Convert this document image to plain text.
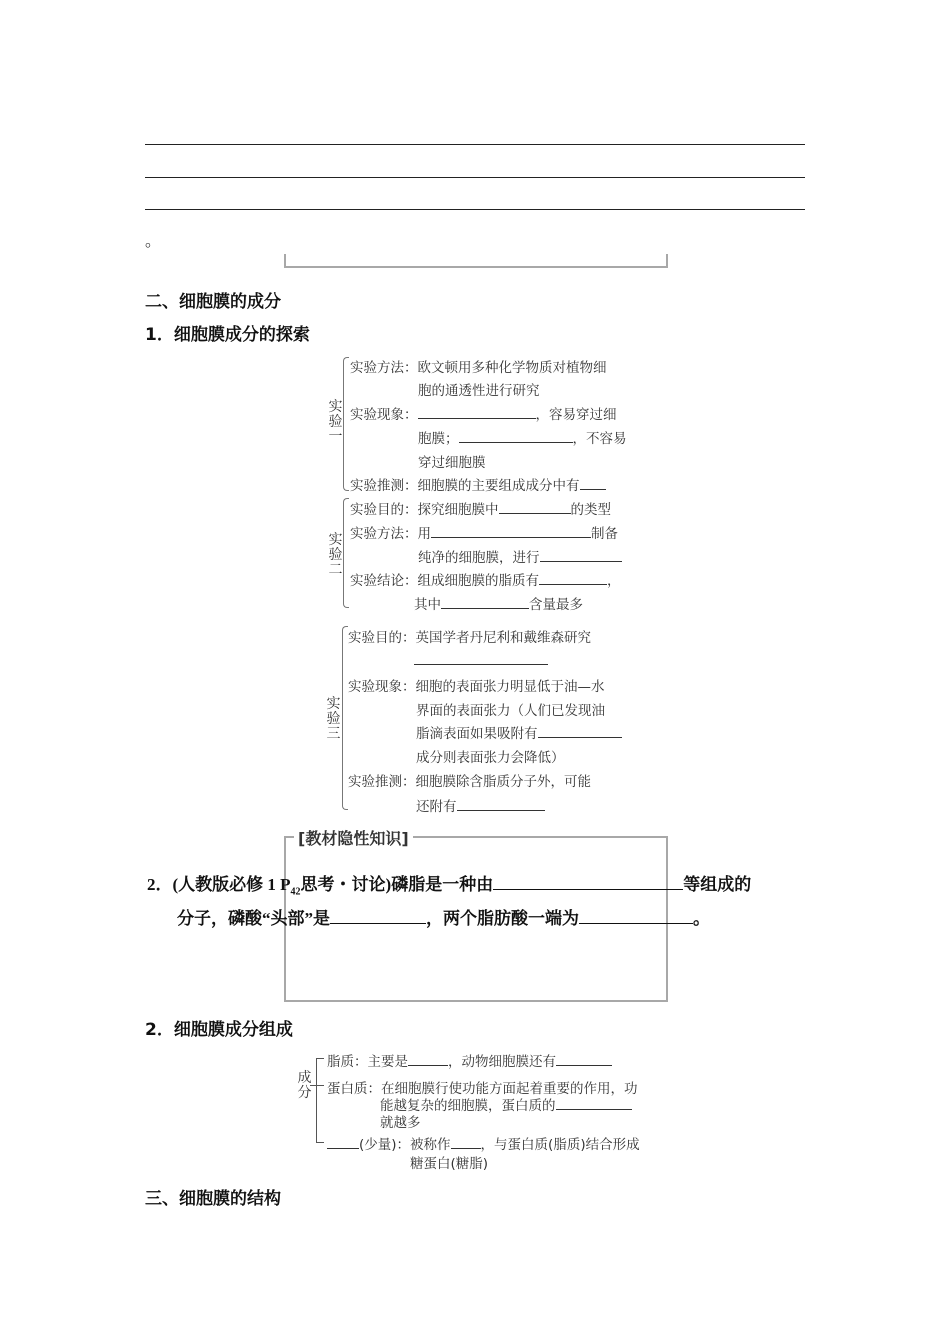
。
二、细胞膜的成分
1．细胞膜成分的探索
实
验
一
实验方法：欧文顿用多种化学物质对植物细
胞的通透性进行研究
实验现象：	，容易穿过细
胞膜；	，不容易
穿过细胞膜
实验推测：细胞膜的主要组成成分中有
实
验
二
实验目的：探究细胞膜中	的类型
实验方法：用	制备
纯净的细胞膜，进行
实验结论：组成细胞膜的脂质有	，
其中	含量最多
实
验
三
实验目的：英国学者丹尼利和戴维森研究
实验现象：细胞的表面张力明显低于油—水
界面的表面张力（人们已发现油
脂滴表面如果吸附有
成分则表面张力会降低）
实验推测：细胞膜除含脂质分子外，可能
还附有
[教材隐性知识]
2．(人教版必修 1 $P_{42}$思考・讨论)磷脂是一种由	等组成的
分子，磷酸“头部”是	，两个脂肪酸一端为	。
2．细胞膜成分组成
成
分
脂质：主要是	，动物细胞膜还有
蛋白质：在细胞膜行使功能方面起着重要的作用，功
能越复杂的细胞膜，蛋白质的
就越多
(少量)：被称作 ，与蛋白质(脂质)结合形成
糖蛋白(糖脂)
三、细胞膜的结构
